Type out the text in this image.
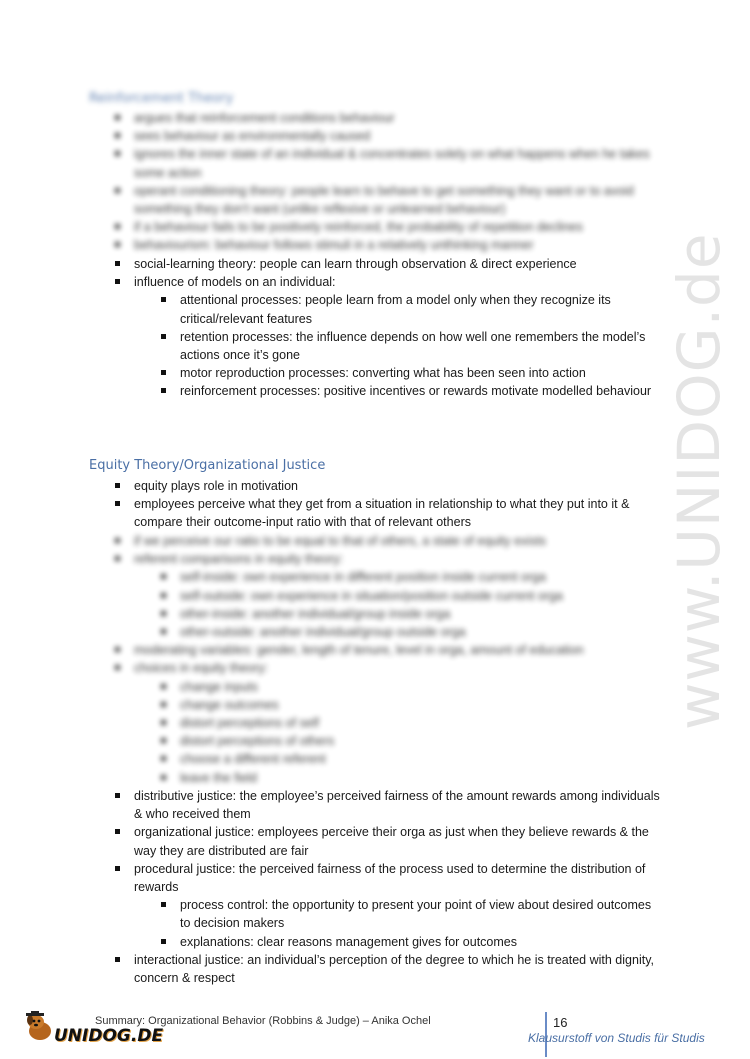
www.UNIDOG.de
Reinforcement Theory
argues that reinforcement conditions behaviour
sees behaviour as environmentally caused
ignores the inner state of an individual & concentrates solely on what happens when he takes some action
operant conditioning theory: people learn to behave to get something they want or to avoid something they don't want (unlike reflexive or unlearned behaviour)
if a behaviour fails to be positively reinforced, the probability of repetition declines
behaviourism: behaviour follows stimuli in a relatively unthinking manner
social-learning theory: people can learn through observation & direct experience
influence of models on an individual:
attentional processes: people learn from a model only when they recognize its critical/relevant features
retention processes: the influence depends on how well one remembers the model’s actions once it’s gone
motor reproduction processes: converting what has been seen into action
reinforcement processes: positive incentives or rewards motivate modelled behaviour
Equity Theory/Organizational Justice
equity plays role in motivation
employees perceive what they get from a situation in relationship to what they put into it & compare their outcome-input ratio with that of relevant others
if we perceive our ratio to be equal to that of others, a state of equity exists
referent comparisons in equity theory:
self-inside: own experience in different position inside current orga
self-outside: own experience in situation/position outside current orga
other-inside: another individual/group inside orga
other-outside: another individual/group outside orga
moderating variables: gender, length of tenure, level in orga, amount of education
choices in equity theory:
change inputs
change outcomes
distort perceptions of self
distort perceptions of others
choose a different referent
leave the field
distributive justice: the employee’s perceived fairness of the amount rewards among individuals & who received them
organizational justice: employees perceive their orga as just when they believe rewards & the way they are distributed are fair
procedural justice: the perceived fairness of the process used to determine the distribution of rewards
process control: the opportunity to present your point of view about desired outcomes to decision makers
explanations: clear reasons management gives for outcomes
interactional justice: an individual’s perception of the degree to which he is treated with dignity, concern & respect
UNIDOG.DE
Summary: Organizational Behavior (Robbins & Judge) – Anika Ochel	16
Klausurstoff von Studis für Studis
